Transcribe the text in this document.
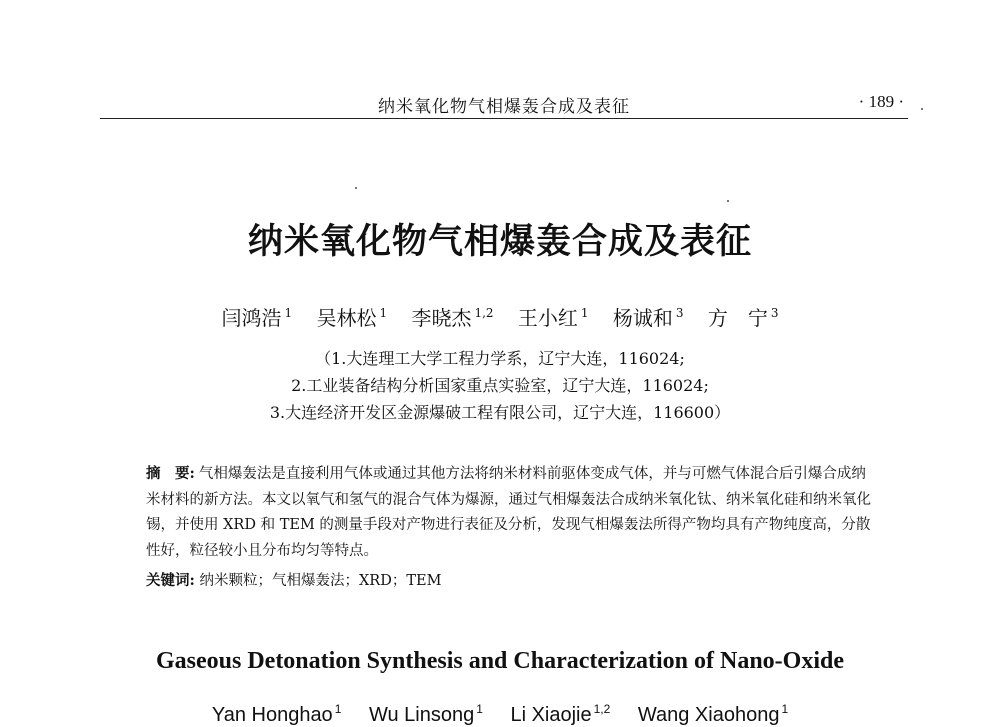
纳米氧化物气相爆轰合成及表征	· 189 ·
纳米氧化物气相爆轰合成及表征
闫鸿浩 $^1$ 吴林松 $^1$ 李晓杰 $^{1,2}$ 王小红 $^1$ 杨诚和 $^3$ 方　宁 $^3$
（1.大连理工大学工程力学系，辽宁大连，116024;
2.工业装备结构分析国家重点实验室，辽宁大连，116024;
3.大连经济开发区金源爆破工程有限公司，辽宁大连，116600）
摘　要: 气相爆轰法是直接利用气体或通过其他方法将纳米材料前驱体变成气体，并与可燃气体混合后引爆合成纳米材料的新方法。本文以氧气和氢气的混合气体为爆源，通过气相爆轰法合成纳米氧化钛、纳米氧化硅和纳米氧化锡，并使用 XRD 和 TEM 的测量手段对产物进行表征及分析，发现气相爆轰法所得产物均具有产物纯度高，分散性好，粒径较小且分布均匀等特点。
关键词: 纳米颗粒；气相爆轰法；XRD；TEM
Gaseous Detonation Synthesis and Characterization of Nano-Oxide
Yan Honghao $^1$ Wu Linsong $^1$ Li Xiaojie $^{1,2}$ Wang Xiaohong $^1$
